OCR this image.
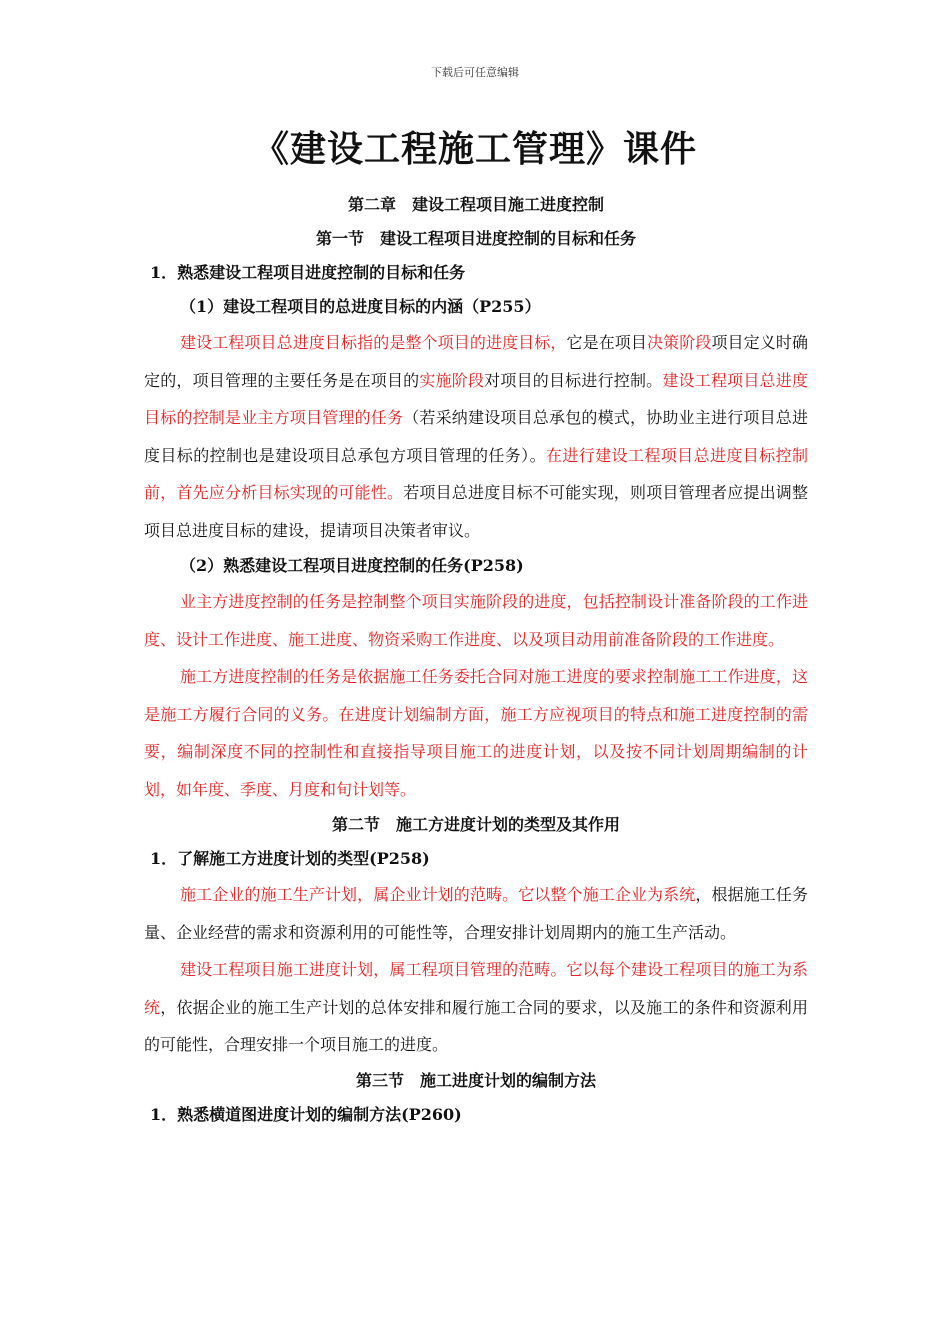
下载后可任意编辑
《建设工程施工管理》课件
第二章　建设工程项目施工进度控制
第一节　建设工程项目进度控制的目标和任务
1．熟悉建设工程项目进度控制的目标和任务
（1）建设工程项目的总进度目标的内涵（P255）

建设工程项目总进度目标指的是整个项目的进度目标，它是在项目决策阶段项目定义时确定的，项目管理的主要任务是在项目的实施阶段对项目的目标进行控制。建设工程项目总进度目标的控制是业主方项目管理的任务（若采纳建设项目总承包的模式，协助业主进行项目总进度目标的控制也是建设项目总承包方项目管理的任务）。在进行建设工程项目总进度目标控制前，首先应分析目标实现的可能性。若项目总进度目标不可能实现，则项目管理者应提出调整项目总进度目标的建设，提请项目决策者审议。

（2）熟悉建设工程项目进度控制的任务(P258)

业主方进度控制的任务是控制整个项目实施阶段的进度，包括控制设计准备阶段的工作进度、设计工作进度、施工进度、物资采购工作进度、以及项目动用前准备阶段的工作进度。

施工方进度控制的任务是依据施工任务委托合同对施工进度的要求控制施工工作进度，这是施工方履行合同的义务。在进度计划编制方面，施工方应视项目的特点和施工进度控制的需要，编制深度不同的控制性和直接指导项目施工的进度计划，以及按不同计划周期编制的计划，如年度、季度、月度和旬计划等。

第二节　施工方进度计划的类型及其作用
1．了解施工方进度计划的类型(P258)

施工企业的施工生产计划，属企业计划的范畴。它以整个施工企业为系统，根据施工任务量、企业经营的需求和资源利用的可能性等，合理安排计划周期内的施工生产活动。

建设工程项目施工进度计划，属工程项目管理的范畴。它以每个建设工程项目的施工为系统，依据企业的施工生产计划的总体安排和履行施工合同的要求，以及施工的条件和资源利用的可能性，合理安排一个项目施工的进度。

第三节　施工进度计划的编制方法
1．熟悉横道图进度计划的编制方法(P260)
